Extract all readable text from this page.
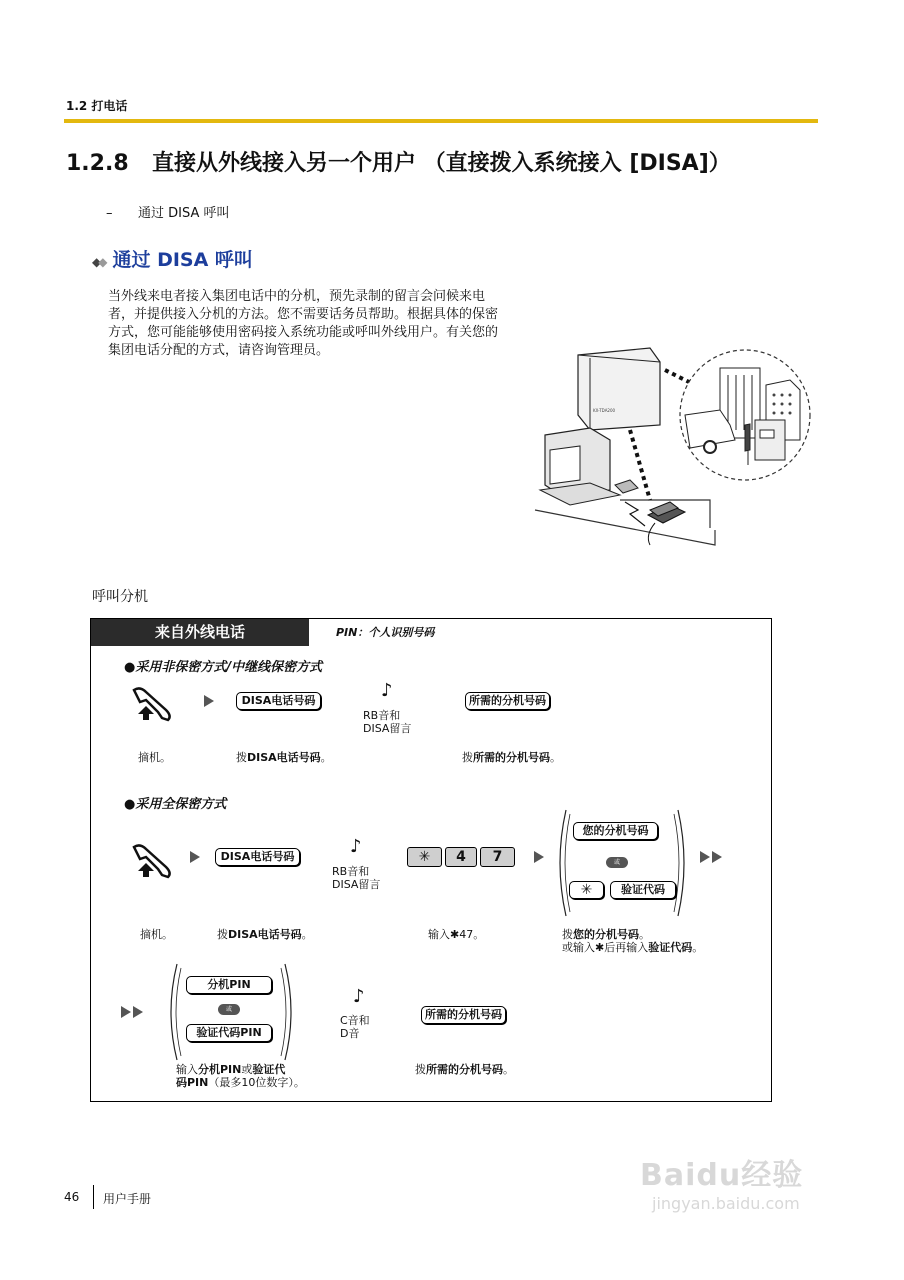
1.2 打电话
1.2.8 直接从外线接入另一个用户 （直接拨入系统接入 [DISA]）
– 通过 DISA 呼叫
◆◆ 通过 DISA 呼叫
当外线来电者接入集团电话中的分机，预先录制的留言会问候来电者，并提供接入分机的方法。您不需要话务员帮助。根据具体的保密方式，您可能能够使用密码接入系统功能或呼叫外线用户。有关您的集团电话分配的方式，请咨询管理员。
KX-TDA200
呼叫分机
来自外线电话	PIN：个人识别号码
●采用非保密方式/中继线保密方式
DISA电话号码	♪
RB音和
DISA留言
所需的分机号码
摘机。	拨DISA电话号码。	拨所需的分机号码。
●采用全保密方式
DISA电话号码	♪
RB音和
DISA留言
✳	4	7
您的分机号码
或
✳	验证代码
摘机。	拨DISA电话号码。	输入✱47。	拨您的分机号码。
或输入✱后再输入验证代码。
分机PIN
或
验证代码PIN
♪
C音和
D音
所需的分机号码
输入分机PIN或验证代
码PIN（最多10位数字）。
拨所需的分机号码。
46 用户手册
Baidu经验
jingyan.baidu.com
